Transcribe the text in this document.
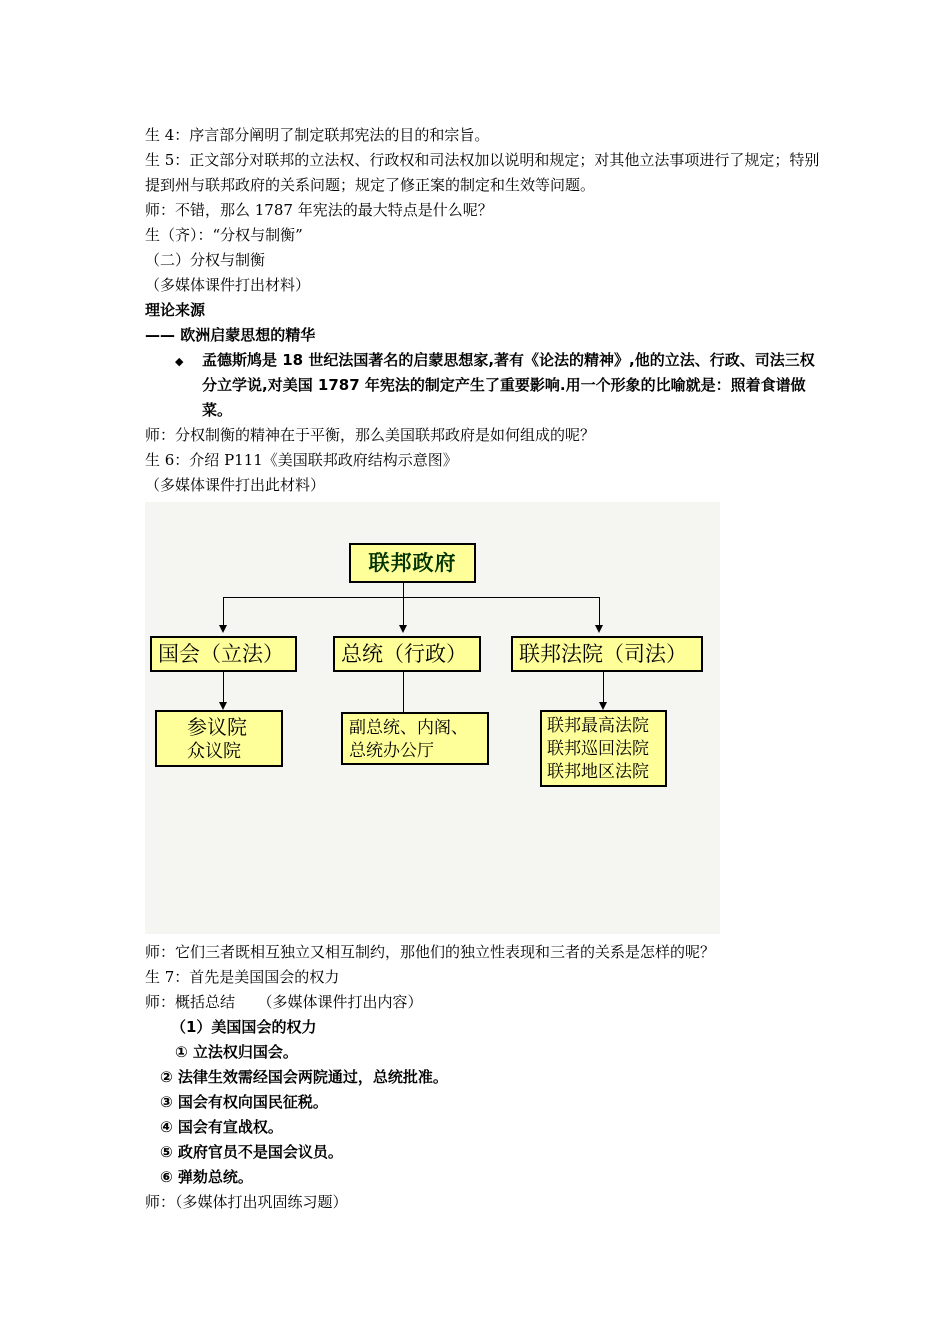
生 4：序言部分阐明了制定联邦宪法的目的和宗旨。
生 5：正文部分对联邦的立法权、行政权和司法权加以说明和规定；对其他立法事项进行了规定；特别提到州与联邦政府的关系问题；规定了修正案的制定和生效等问题。
师：不错，那么 1787 年宪法的最大特点是什么呢？
生（齐）：“分权与制衡”
（二）分权与制衡
（多媒体课件打出材料）
理论来源
—— 欧洲启蒙思想的精华
◆ 孟德斯鸠是 18 世纪法国著名的启蒙思想家,著有《论法的精神》,他的立法、行政、司法三权分立学说,对美国 1787 年宪法的制定产生了重要影响.用一个形象的比喻就是：照着食谱做菜。
师：分权制衡的精神在于平衡，那么美国联邦政府是如何组成的呢？
生 6：介绍 P111《美国联邦政府结构示意图》
（多媒体课件打出此材料）
联邦政府
国会（立法）	总统（行政）	联邦法院（司法）
参议院
众议院
副总统、内阁、
总统办公厅
联邦最高法院
联邦巡回法院
联邦地区法院
师：它们三者既相互独立又相互制约，那他们的独立性表现和三者的关系是怎样的呢？
生 7：首先是美国国会的权力
师：概括总结　　（多媒体课件打出内容）
（1）美国国会的权力
① 立法权归国会。
② 法律生效需经国会两院通过，总统批准。
③ 国会有权向国民征税。
④ 国会有宣战权。
⑤ 政府官员不是国会议员。
⑥ 弹劾总统。
师：（多媒体打出巩固练习题）
